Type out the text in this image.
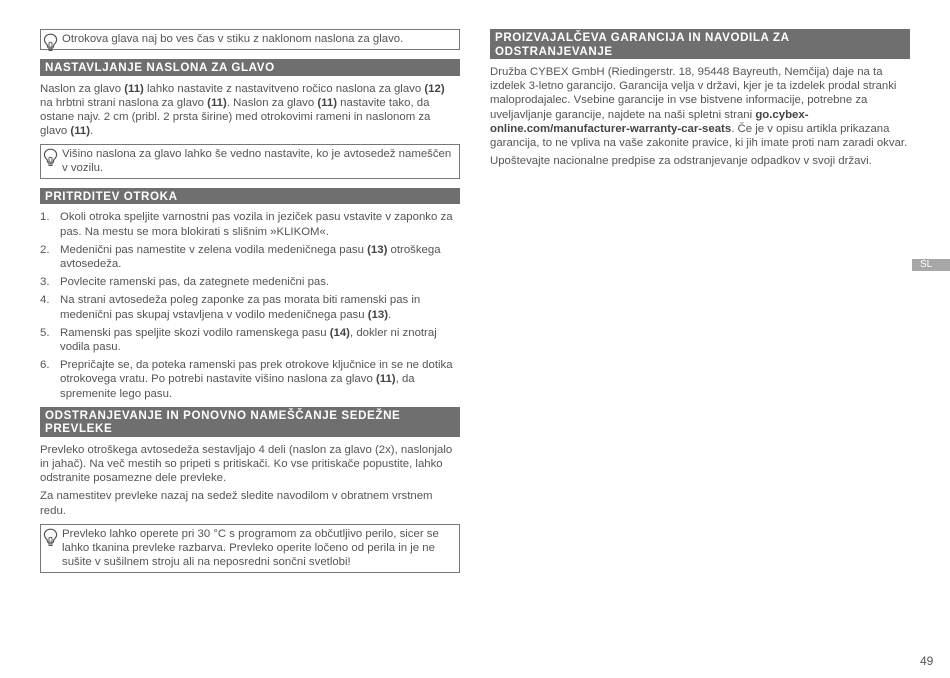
Otrokova glava naj bo ves čas v stiku z naklonom naslona za glavo.
NASTAVLJANJE NASLONA ZA GLAVO

Naslon za glavo (11) lahko nastavite z nastavitveno ročico naslona za glavo (12) na hrbtni strani naslona za glavo (11). Naslon za glavo (11) nastavite tako, da ostane najv. 2 cm (pribl. 2 prsta širine) med otrokovimi rameni in naslonom za glavo (11).

Višino naslona za glavo lahko še vedno nastavite, ko je avtosedež nameščen v vozilu.
PRITRDITEV OTROKA
1. Okoli otroka speljite varnostni pas vozila in jeziček pasu vstavite v zaponko za pas. Na mestu se mora blokirati s slišnim »KLIKOM«.
2. Medenični pas namestite v zelena vodila medeničnega pasu (13) otroškega avtosedeža.
3. Povlecite ramenski pas, da zategnete medenični pas.
4. Na strani avtosedeža poleg zaponke za pas morata biti ramenski pas in medenični pas skupaj vstavljena v vodilo medeničnega pasu (13).
5. Ramenski pas speljite skozi vodilo ramenskega pasu (14), dokler ni znotraj vodila pasu.
6. Prepričajte se, da poteka ramenski pas prek otrokove ključnice in se ne dotika otrokovega vratu. Po potrebi nastavite višino naslona za glavo (11), da spremenite lego pasu.
ODSTRANJEVANJE IN PONOVNO NAMEŠČANJE SEDEŽNE PREVLEKE

Prevleko otroškega avtosedeža sestavljajo 4 deli (naslon za glavo (2x), naslonjalo in jahač). Na več mestih so pripeti s pritiskači. Ko vse pritiskače popustite, lahko odstranite posamezne dele prevleke.

Za namestitev prevleke nazaj na sedež sledite navodilom v obratnem vrstnem redu.

Prevleko lahko operete pri 30 °C s programom za občutljivo perilo, sicer se lahko tkanina prevleke razbarva. Prevleko operite ločeno od perila in je ne sušite v sušilnem stroju ali na neposredni sončni svetlobi!
PROIZVAJALČEVA GARANCIJA IN NAVODILA ZA ODSTRANJEVANJE

Družba CYBEX GmbH (Riedingerstr. 18, 95448 Bayreuth, Nemčija) daje na ta izdelek 3-letno garancijo. Garancija velja v državi, kjer je ta izdelek prodal stranki maloprodajalec. Vsebine garancije in vse bistvene informacije, potrebne za uveljavljanje garancije, najdete na naši spletni strani go.cybex-online.com/manufacturer-warranty-car-seats. Če je v opisu artikla prikazana garancija, to ne vpliva na vaše zakonite pravice, ki jih imate proti nam zaradi okvar.

Upoštevajte nacionalne predpise za odstranjevanje odpadkov v svoji državi.

SL
49
